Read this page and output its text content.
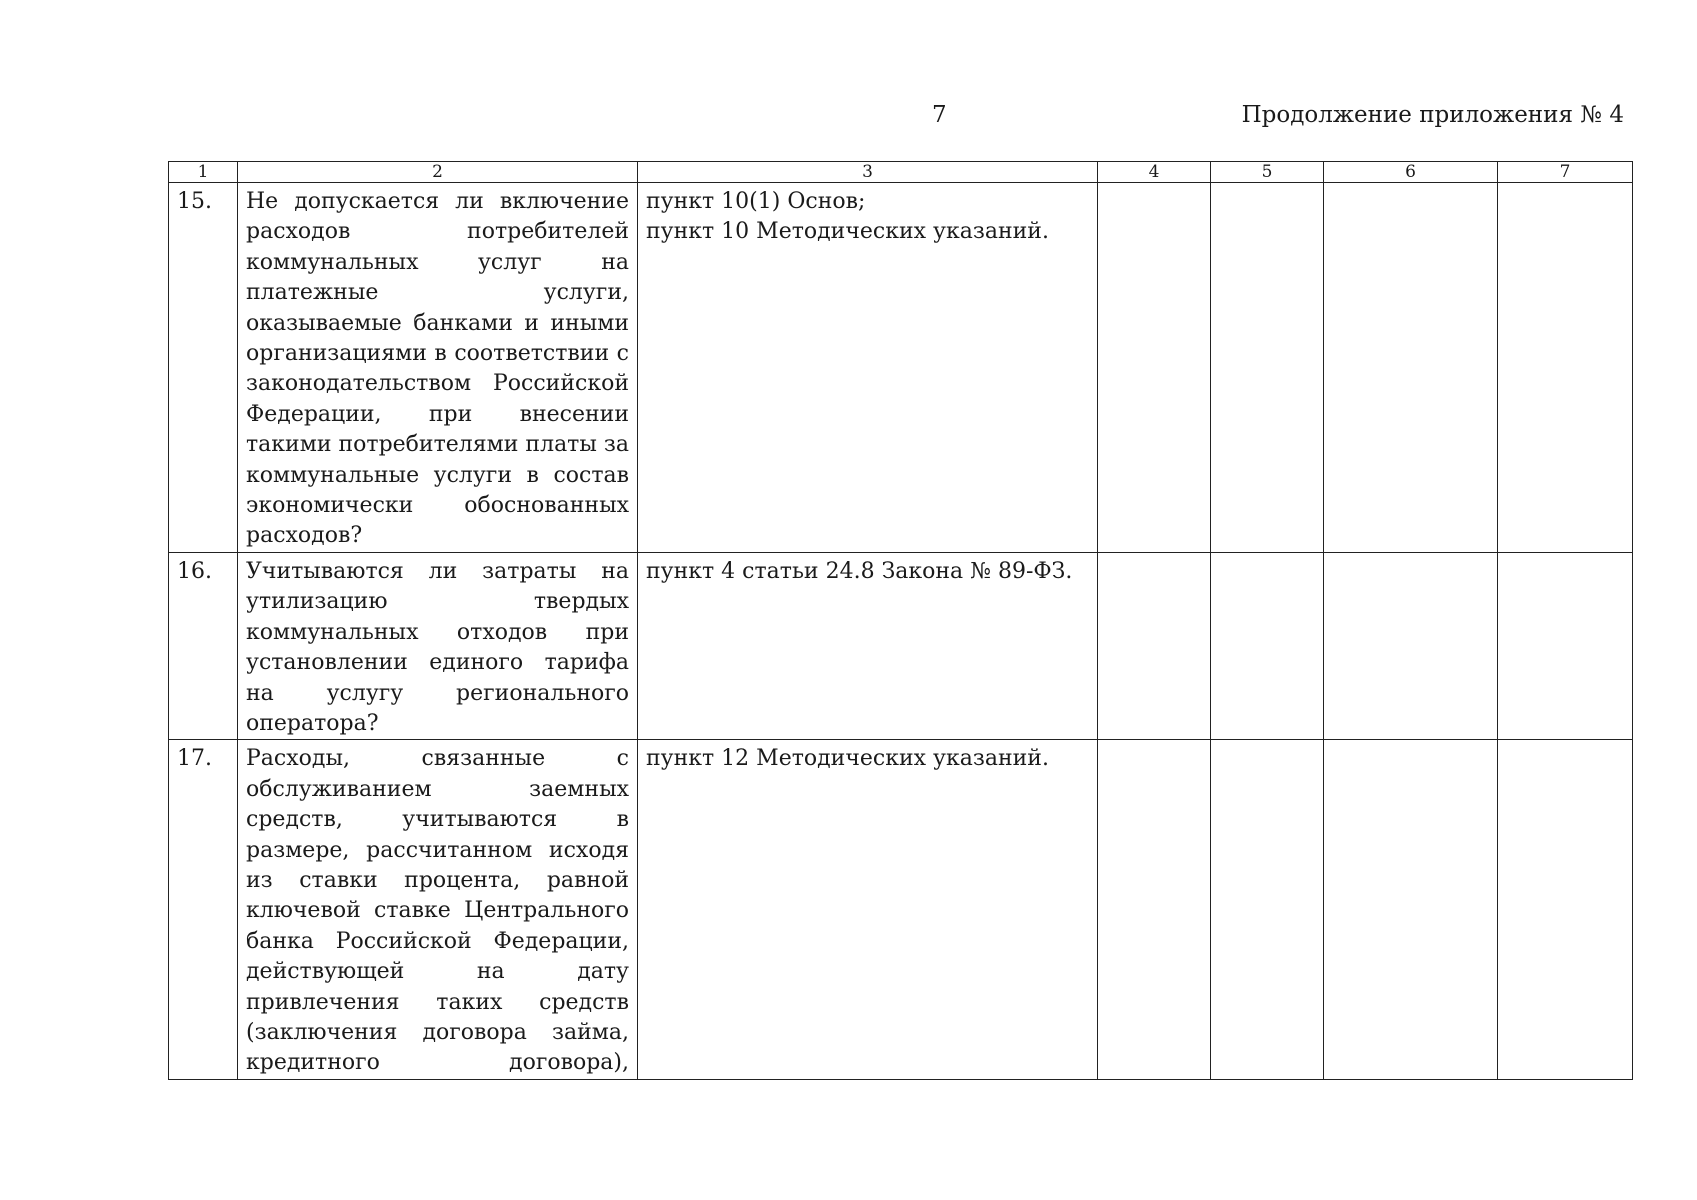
7	Продолжение приложения № 4
1	2	3	4	5	6	7
15.	Не допускается ли включение расходов потребителей коммунальных услуг на платежные услуги, оказываемые банками и иными организациями в соответствии с законодательством Российской Федерации, при внесении такими потребителями платы за коммунальные услуги в состав экономически обоснованных расходов?	пункт 10(1) Основ;
пункт 10 Методических указаний.				

16.	Учитываются ли затраты на утилизацию твердых коммунальных отходов при установлении единого тарифа на услугу регионального оператора?	пункт 4 статьи 24.8 Закона № 89-ФЗ.				

17.	Расходы, связанные с обслуживанием заемных средств, учитываются в размере, рассчитанном исходя из ставки процента, равной ключевой ставке Центрального банка Российской Федерации, действующей на дату привлечения таких средств (заключения договора займа, кредитного договора),	пункт 12 Методических указаний.				
